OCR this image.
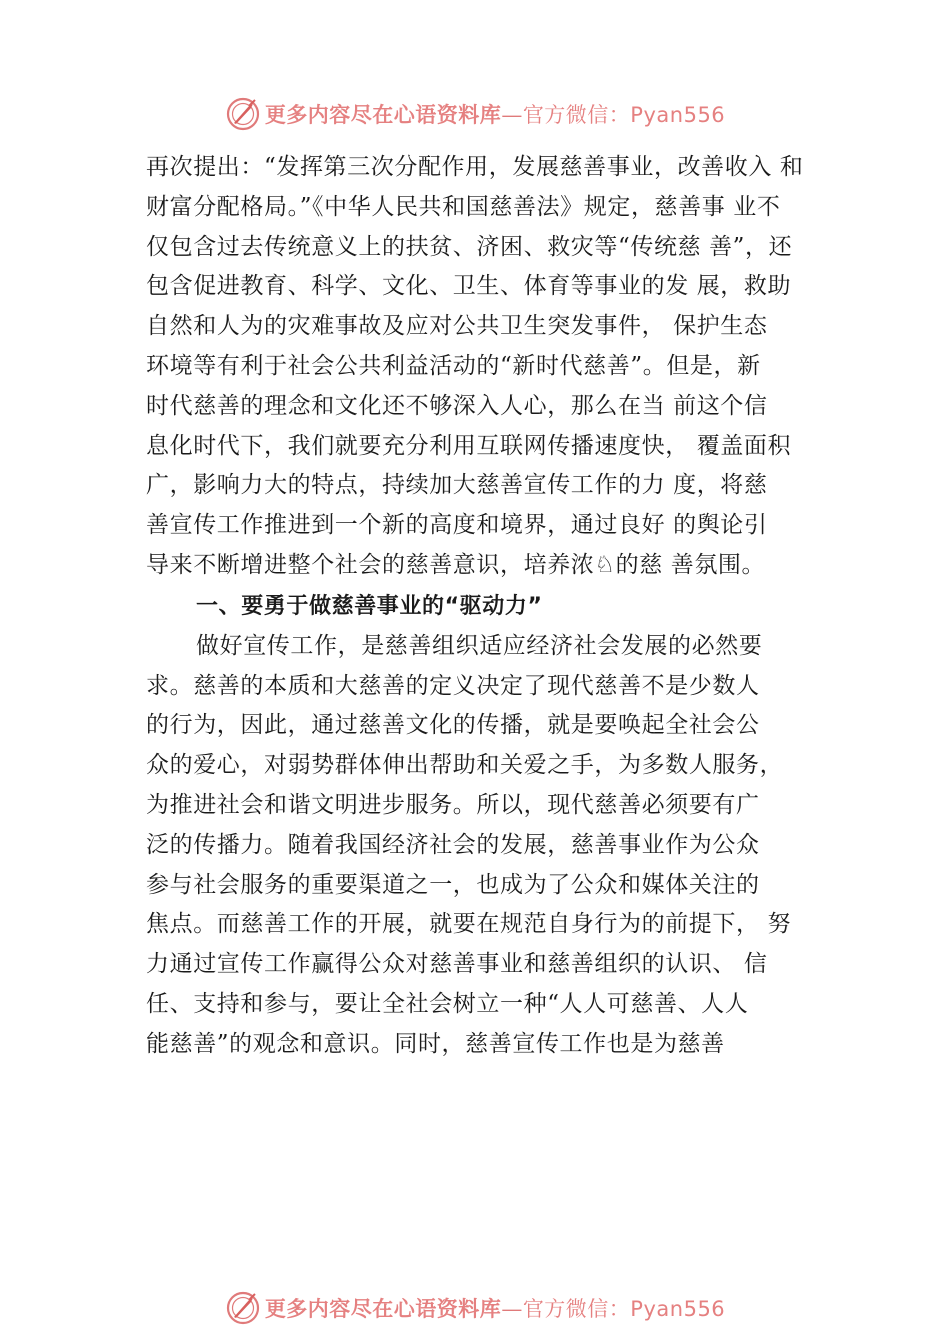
更多内容尽在心语资料库—官方微信：Pyan556
再次提出：“发挥第三次分配作用，发展慈善事业，改善收入 和
财富分配格局。”《中华人民共和国慈善法》规定，慈善事 业不
仅包含过去传统意义上的扶贫、济困、救灾等“传统慈 善”，还
包含促进教育、科学、文化、卫生、体育等事业的发 展，救助
自然和人为的灾难事故及应对公共卫生突发事件， 保护生态
环境等有利于社会公共利益活动的“新时代慈善”。但是，新
时代慈善的理念和文化还不够深入人心，那么在当 前这个信
息化时代下，我们就要充分利用互联网传播速度快， 覆盖面积
广，影响力大的特点，持续加大慈善宣传工作的力 度，将慈
善宣传工作推进到一个新的高度和境界，通过良好 的舆论引
导来不断增进整个社会的慈善意识，培养浓♘的慈 善氛围。
一、要勇于做慈善事业的“驱动力”
做好宣传工作，是慈善组织适应经济社会发展的必然要
求。慈善的本质和大慈善的定义决定了现代慈善不是少数人
的行为，因此，通过慈善文化的传播，就是要唤起全社会公
众的爱心，对弱势群体伸出帮助和关爱之手，为多数人服务，
为推进社会和谐文明进步服务。所以，现代慈善必须要有广
泛的传播力。随着我国经济社会的发展，慈善事业作为公众
参与社会服务的重要渠道之一，也成为了公众和媒体关注的
焦点。而慈善工作的开展，就要在规范自身行为的前提下， 努
力通过宣传工作赢得公众对慈善事业和慈善组织的认识、 信
任、支持和参与，要让全社会树立一种“人人可慈善、人人
能慈善”的观念和意识。同时，慈善宣传工作也是为慈善
更多内容尽在心语资料库—官方微信：Pyan556
